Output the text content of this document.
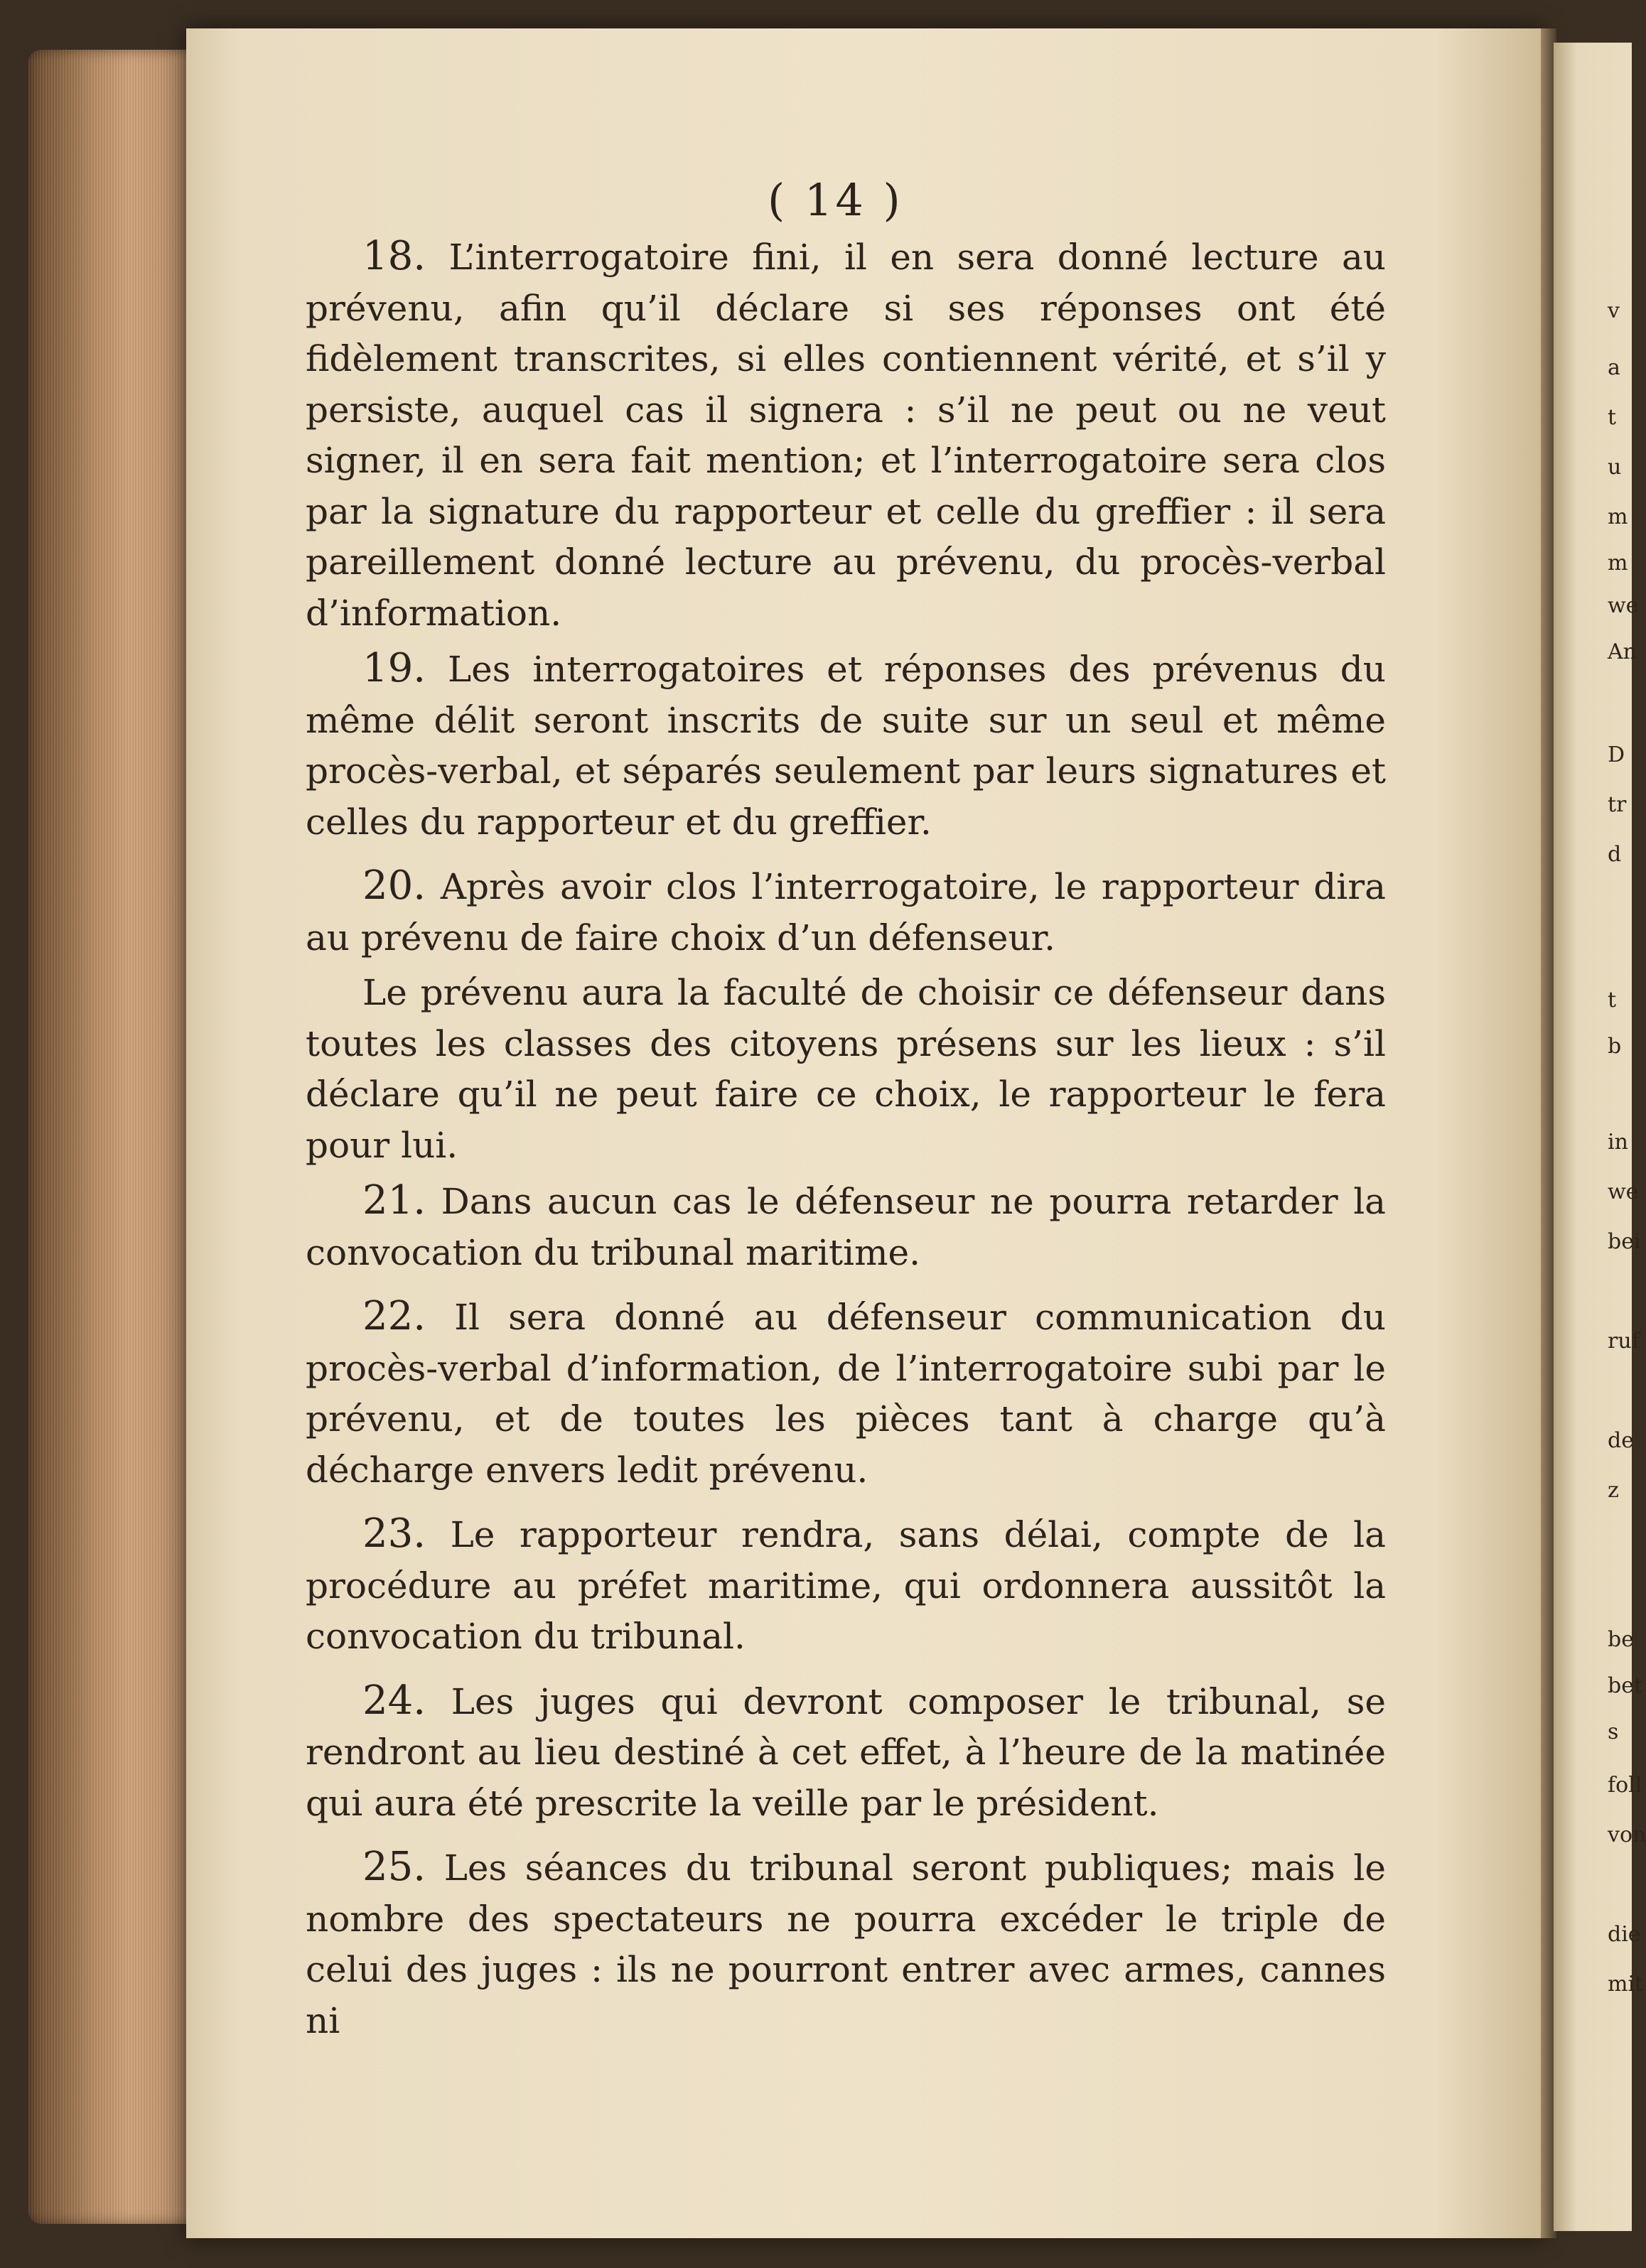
v
a
t
u
m
m
we
An
D
tr
d
t
b
in
we
bei
ruf
de
z
be
bet
s
foll
von
die
mit
( 14 )

18. L’interrogatoire fini, il en sera donné lecture au prévenu, afin qu’il déclare si ses réponses ont été fidèlement transcrites, si elles contiennent vérité, et s’il y persiste, auquel cas il signera : s’il ne peut ou ne veut signer, il en sera fait mention; et l’interrogatoire sera clos par la signature du rapporteur et celle du greffier : il sera pareillement donné lecture au prévenu, du procès-verbal d’information.

19. Les interrogatoires et réponses des prévenus du même délit seront inscrits de suite sur un seul et même procès-verbal, et séparés seulement par leurs signatures et celles du rapporteur et du greffier.

20. Après avoir clos l’interrogatoire, le rapporteur dira au prévenu de faire choix d’un défenseur.

Le prévenu aura la faculté de choisir ce défenseur dans toutes les classes des citoyens présens sur les lieux : s’il déclare qu’il ne peut faire ce choix, le rapporteur le fera pour lui.

21. Dans aucun cas le défenseur ne pourra retarder la convocation du tribunal maritime.

22. Il sera donné au défenseur communication du procès-verbal d’information, de l’interrogatoire subi par le prévenu, et de toutes les pièces tant à charge qu’à décharge envers ledit prévenu.

23. Le rapporteur rendra, sans délai, compte de la procédure au préfet maritime, qui ordonnera aussitôt la convocation du tribunal.

24. Les juges qui devront composer le tribunal, se rendront au lieu destiné à cet effet, à l’heure de la matinée qui aura été prescrite la veille par le président.

25. Les séances du tribunal seront publiques; mais le nombre des spectateurs ne pourra excéder le triple de celui des juges : ils ne pourront entrer avec armes, cannes ni
